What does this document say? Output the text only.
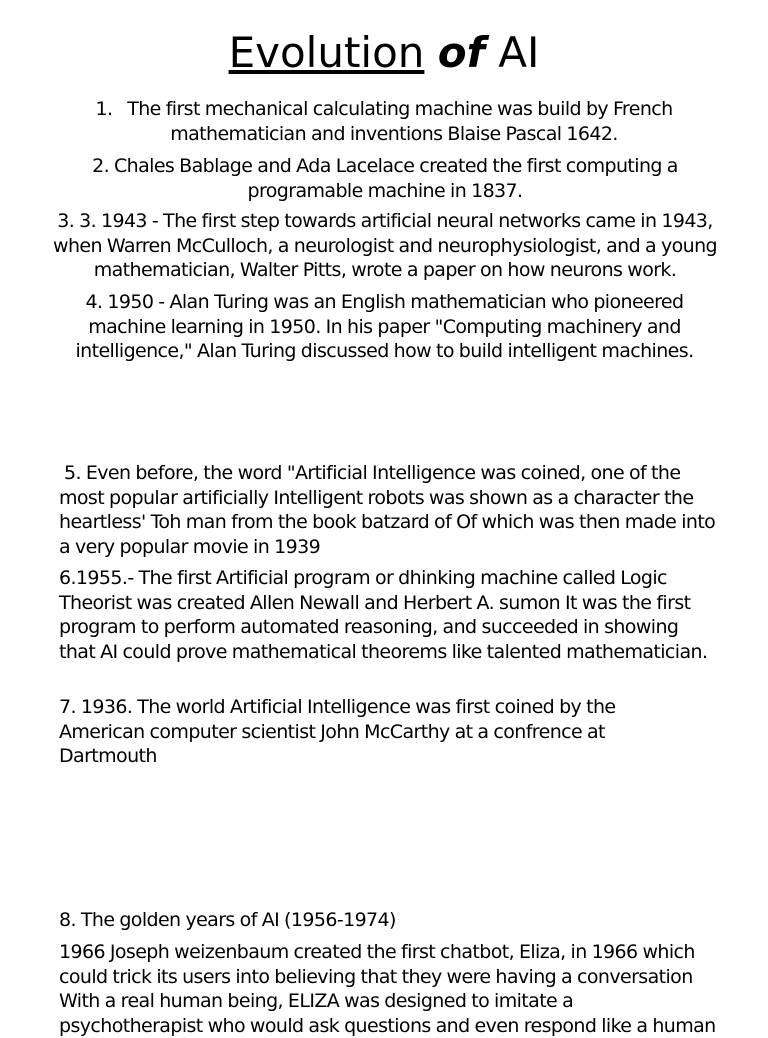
Evolution of AI
1. The first mechanical calculating machine was build by French
mathematician and inventions Blaise Pascal 1642.

2. Chales Bablage and Ada Lacelace created the first computing a programable machine in 1837.

3. 3. 1943 - The first step towards artificial neural networks came in 1943, when Warren McCulloch, a neurologist and neurophysiologist, and a young mathematician, Walter Pitts, wrote a paper on how neurons work.

4. 1950 - Alan Turing was an English mathematician who pioneered machine learning in 1950. In his paper "Computing machinery and intelligence," Alan Turing discussed how to build intelligent machines.

5. Even before, the word "Artificial Intelligence was coined, one of the most popular artificially Intelligent robots was shown as a character the heartless' Toh man from the book batzard of Of which was then made into a very popular movie in 1939

6.1955.- The first Artificial program or dhinking machine called Logic Theorist was created Allen Newall and Herbert A. sumon It was the first program to perform automated reasoning, and succeeded in showing that AI could prove mathematical theorems like talented mathematician.

7. 1936. The world Artificial Intelligence was first coined by the American computer scientist John McCarthy at a confrence at Dartmouth

8. The golden years of AI (1956-1974)

1966 Joseph weizenbaum created the first chatbot, Eliza, in 1966 which could trick its users into believing that they were having a conversation With a real human being, ELIZA was designed to imitate a psychotherapist who would ask questions and even respond like a human
